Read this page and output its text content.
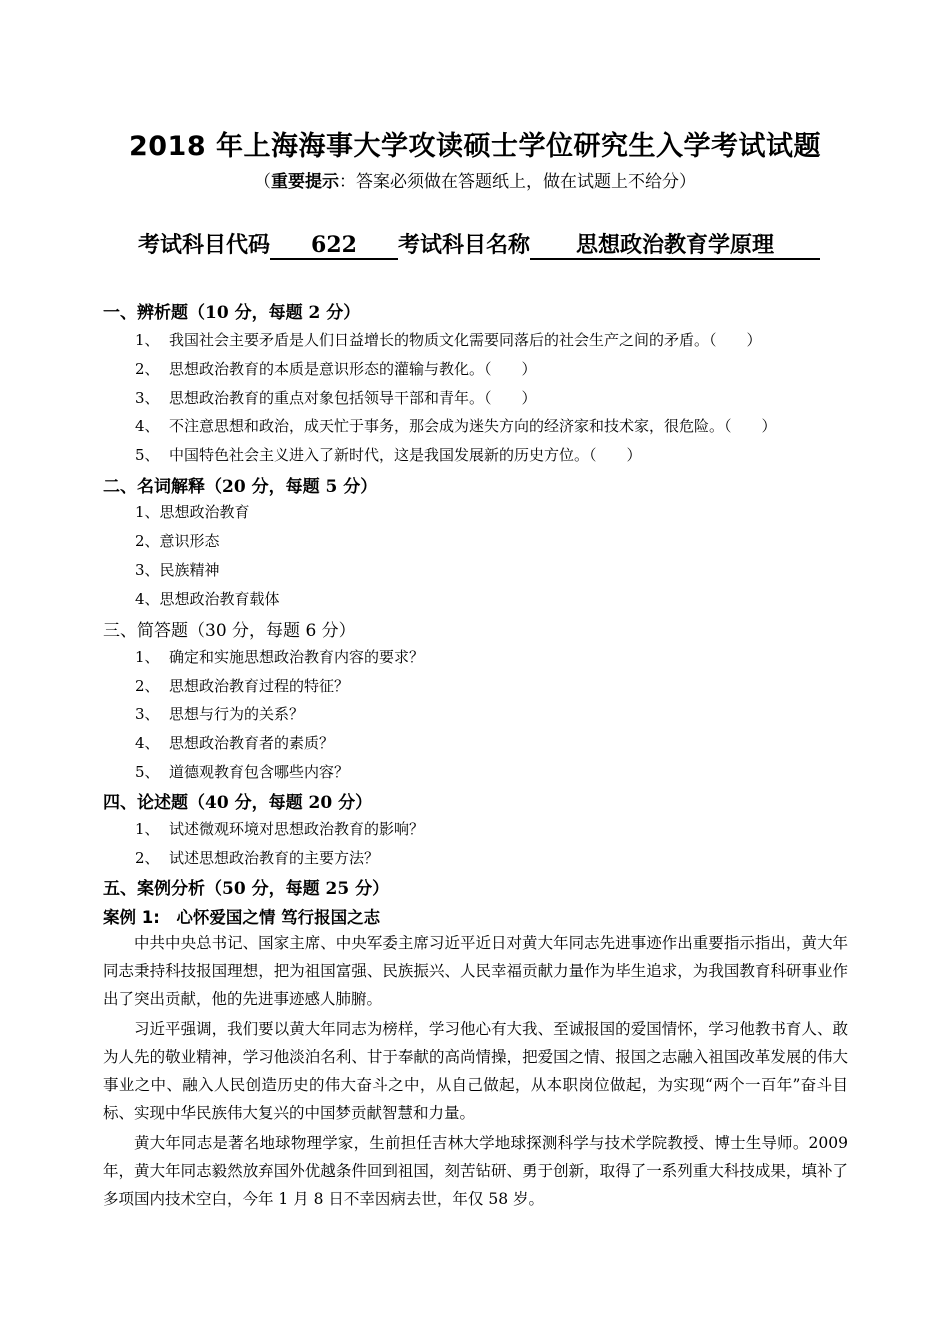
2018 年上海海事大学攻读硕士学位研究生入学考试试题
（重要提示：答案必须做在答题纸上，做在试题上不给分）
考试科目代码 622 考试科目名称 思想政治教育学原理
一、辨析题（10 分，每题 2 分）
1、 我国社会主要矛盾是人们日益增长的物质文化需要同落后的社会生产之间的矛盾。（　　）
2、 思想政治教育的本质是意识形态的灌输与教化。（　　）
3、 思想政治教育的重点对象包括领导干部和青年。（　　）
4、 不注意思想和政治，成天忙于事务，那会成为迷失方向的经济家和技术家，很危险。（　　）
5、 中国特色社会主义进入了新时代，这是我国发展新的历史方位。（　　）
二、名词解释（20 分，每题 5 分）
1、思想政治教育
2、意识形态
3、民族精神
4、思想政治教育载体
三、简答题（30 分，每题 6 分）
1、 确定和实施思想政治教育内容的要求？
2、 思想政治教育过程的特征？
3、 思想与行为的关系？
4、 思想政治教育者的素质？
5、 道德观教育包含哪些内容？
四、论述题（40 分，每题 20 分）
1、 试述微观环境对思想政治教育的影响？
2、 试述思想政治教育的主要方法？
五、案例分析（50 分，每题 25 分）
案例 1:　心怀爱国之情 笃行报国之志
中共中央总书记、国家主席、中央军委主席习近平近日对黄大年同志先进事迹作出重要指示指出，黄大年同志秉持科技报国理想，把为祖国富强、民族振兴、人民幸福贡献力量作为毕生追求，为我国教育科研事业作出了突出贡献，他的先进事迹感人肺腑。
习近平强调，我们要以黄大年同志为榜样，学习他心有大我、至诚报国的爱国情怀，学习他教书育人、敢为人先的敬业精神，学习他淡泊名利、甘于奉献的高尚情操，把爱国之情、报国之志融入祖国改革发展的伟大事业之中、融入人民创造历史的伟大奋斗之中，从自己做起，从本职岗位做起，为实现“两个一百年”奋斗目标、实现中华民族伟大复兴的中国梦贡献智慧和力量。
黄大年同志是著名地球物理学家，生前担任吉林大学地球探测科学与技术学院教授、博士生导师。2009 年，黄大年同志毅然放弃国外优越条件回到祖国，刻苦钻研、勇于创新，取得了一系列重大科技成果，填补了多项国内技术空白，今年 1 月 8 日不幸因病去世，年仅 58 岁。
